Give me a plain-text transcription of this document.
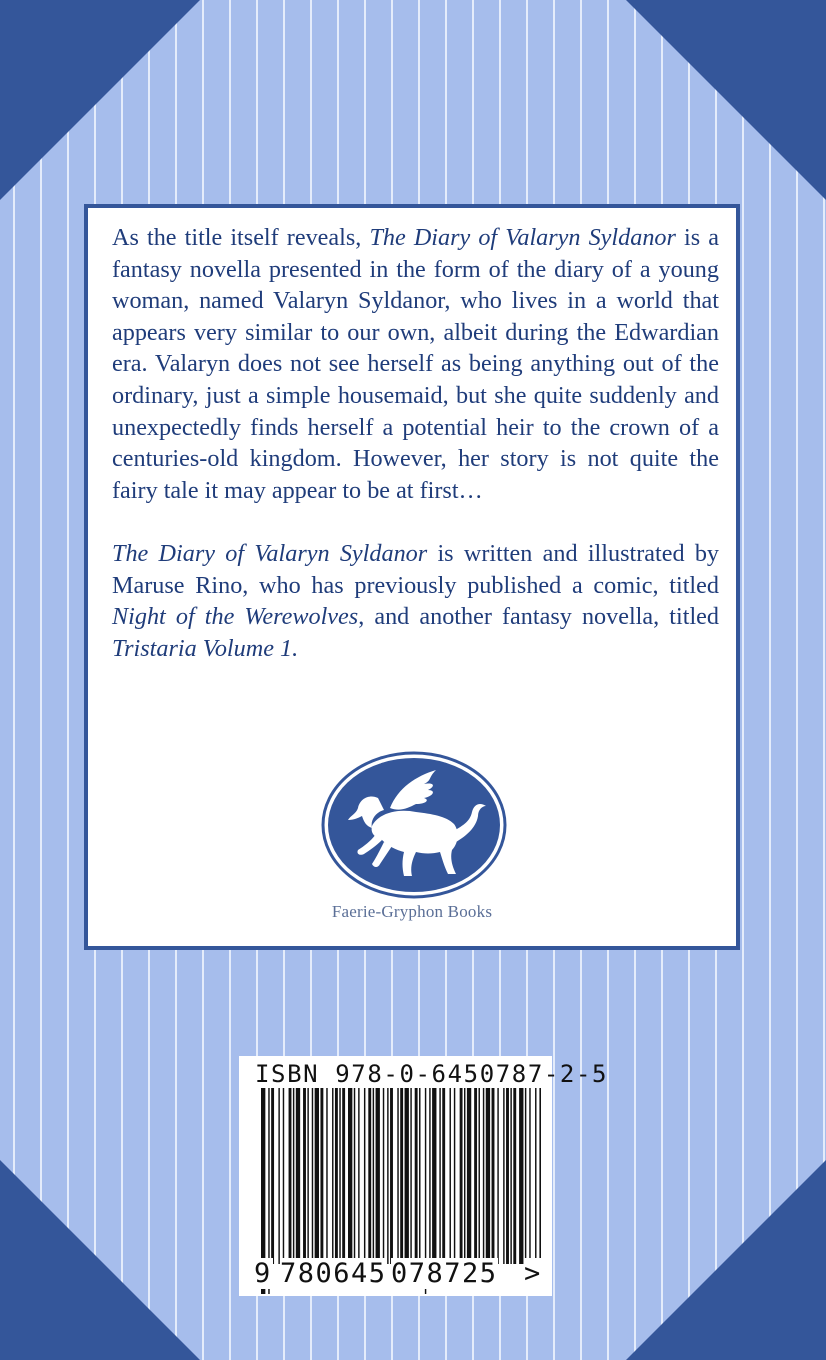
As the title itself reveals, The Diary of Valaryn Syldanor is a fantasy novella presented in the form of the diary of a young woman, named Valaryn Syldanor, who lives in a world that appears very similar to our own, albeit during the Edwardian era. Valaryn does not see herself as being anything out of the ordinary, just a simple housemaid, but she quite suddenly and unexpectedly finds herself a potential heir to the crown of a centuries-old kingdom. However, her story is not quite the fairy tale it may appear to be at first…

The Diary of Valaryn Syldanor is written and illustrated by Maruse Rino, who has previously published a comic, titled Night of the Werewolves, and another fantasy novella, titled Tristaria Volume 1.

Faerie-Gryphon Books
ISBN 978-0-6450787-2-5
9 780645 078725 >
